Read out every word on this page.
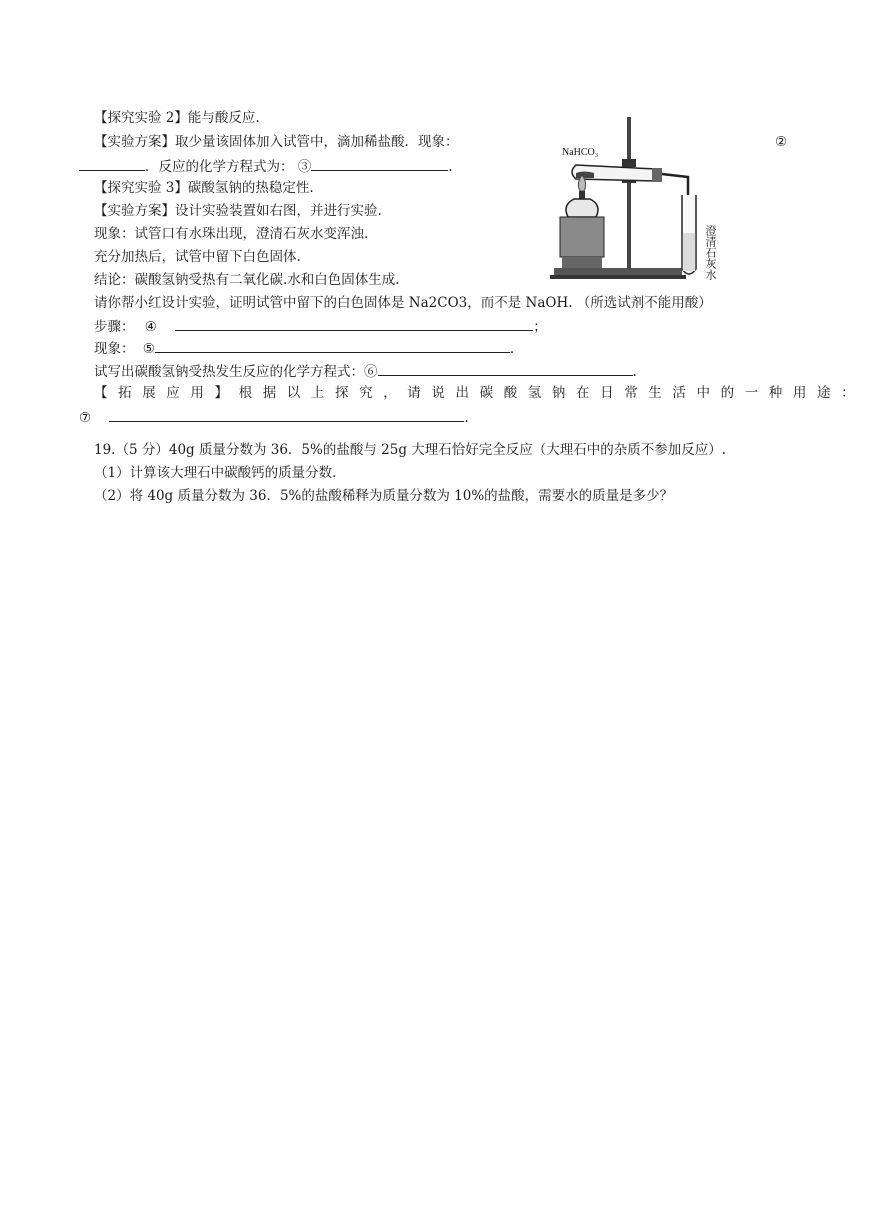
【探究实验 2】能与酸反应.
【实验方案】取少量该固体加入试管中，滴加稀盐酸．现象：	②
．反应的化学方程式为： ③	.
【探究实验 3】碳酸氢钠的热稳定性.
【实验方案】设计实验装置如右图，并进行实验.
现象：试管口有水珠出现，澄清石灰水变浑浊.
充分加热后，试管中留下白色固体.
结论：碳酸氢钠受热有二氧化碳.水和白色固体生成.
请你帮小红设计实验，证明试管中留下的白色固体是 Na2CO3，而不是 NaOH. （所选试剂不能用酸）
步骤： ④	；
现象： ⑤	.
试写出碳酸氢钠受热发生反应的化学方程式：⑥	.
【拓展应用】根据以上探究，请说出碳酸氢钠在日常生活中的一种用途：
⑦	.
19.（5 分）40g 质量分数为 36．5%的盐酸与 25g 大理石恰好完全反应（大理石中的杂质不参加反应）.
（1）计算该大理石中碳酸钙的质量分数.
（2）将 40g 质量分数为 36．5%的盐酸稀释为质量分数为 10%的盐酸，需要水的质量是多少？
NaHCO₃
澄清石灰水
